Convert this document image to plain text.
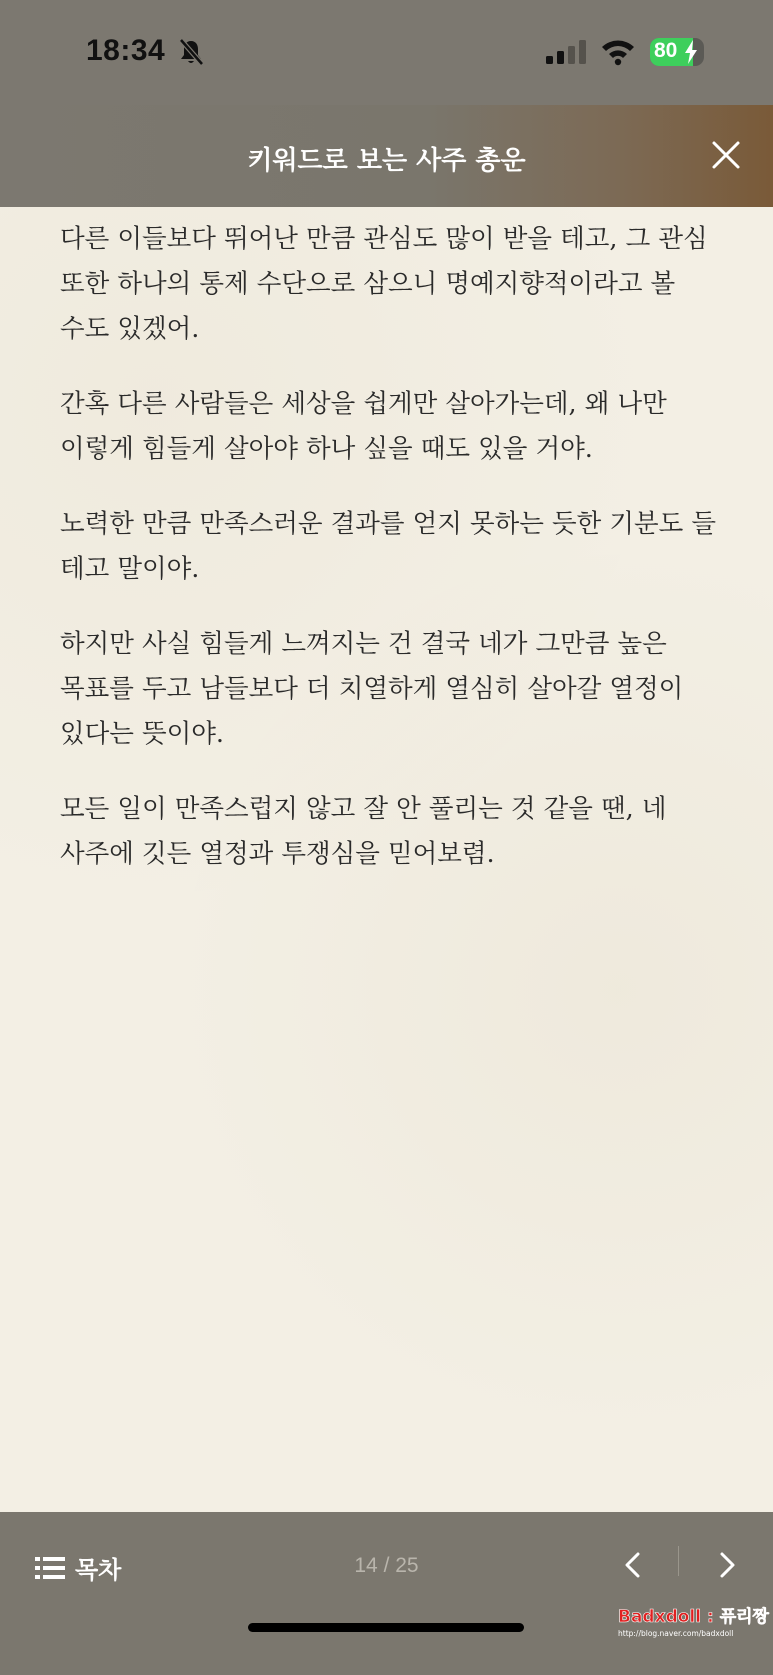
18:34	80
키워드로 보는 사주 총운

다른 이들보다 뛰어난 만큼 관심도 많이 받을 테고, 그 관심 또한 하나의 통제 수단으로 삼으니 명예지향적이라고 볼 수도 있겠어.

간혹 다른 사람들은 세상을 쉽게만 살아가는데, 왜 나만 이렇게 힘들게 살아야 하나 싶을 때도 있을 거야.

노력한 만큼 만족스러운 결과를 얻지 못하는 듯한 기분도 들 테고 말이야.

하지만 사실 힘들게 느껴지는 건 결국 네가 그만큼 높은 목표를 두고 남들보다 더 치열하게 열심히 살아갈 열정이 있다는 뜻이야.

모든 일이 만족스럽지 않고 잘 안 풀리는 것 같을 땐, 네 사주에 깃든 열정과 투쟁심을 믿어보렴.

목차	14 / 25
Badxdoll : 퓨리짱
http://blog.naver.com/badxdoll
